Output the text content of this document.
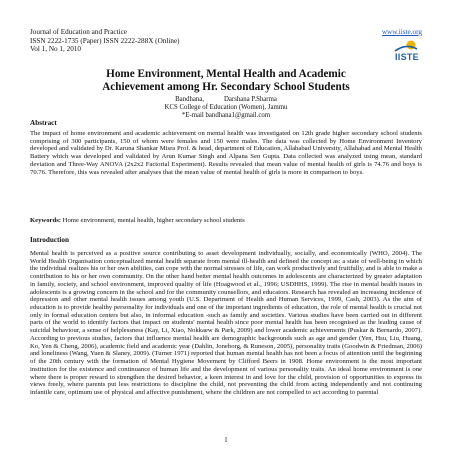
Journal of Education and Practice
ISSN 2222-1735 (Paper) ISSN 2222-288X (Online)
Vol 1, No 1, 2010
www.iiste.org
IISTE
Home Environment, Mental Health and Academic
Achievement among Hr. Secondary School Students
Bandhana,	Darshana P.Sharma
KCS College of Education (Women), Jammu
*E-mail bandhana1@gmail.com
Abstract

The impact of home environment and academic achievement on mental health was investigated on 12th grade higher secondary school students comprising of 300 participants, 150 of whom were females and 150 were males. The data was collected by Home Environment Inventory developed and validated by Dr. Karuna Shankar Misra Prof. & head, department of Education, Allahabad University, Allahabad and Mental Health Battery which was developed and validated by Arun Kumar Singh and Alpana Sen Gupta. Data collected was analyzed using mean, standard deviation and Three-Way ANOVA (2x2x2 Factorial Experiment). Results revealed that mean value of mental health of girls is 74.76 and boys is 70.76. Therefore, this was revealed after analyses that the mean value of mental health of girls is more in comparison to boys.

Keywords: Home environment, mental health, higher secondary school students
Introduction

Mental health is perceived as a positive source contributing to asset development individually, socially, and economically (WHO, 2004). The World Health Organisation conceptualized mental health separate from mental ill-health and defined the concept as: a state of well-being in which the individual realizes his or her own abilities, can cope with the normal stresses of life, can work productively and fruitfully, and is able to make a contribution to his or her own community. On the other hand better mental health outcomes in adolescents are characterized by greater adaptation in family, society, and school environment, improved quality of life (Hoagwood et al., 1996; USDHHS, 1999). The rise in mental health issues in adolescents is a growing concern in the school and for the community counsellors, and educators. Research has revealed an increasing incidence of depression and other mental health issues among youth (U.S. Department of Health and Human Services, 1999, Cash, 2003). As the aim of education is to provide healthy personality for individuals and one of the important ingredients of education, the role of mental health is crucial not only in formal education centers but also, in informal education -such as family and societies. Various studies have been carried out in different parts of the world to identify factors that impact on students' mental health since poor mental health has been recognised as the leading cause of suicidal behaviour, a sense of helplessness (Kay, Li, Xiao, Nokkaew & Park, 2009) and lower academic achievements (Puskar & Bernardo, 2007). According to previous studies, factors that influence mental health are demographic backgrounds such as age and gender (Yen, Hsu, Liu, Huang, Ko, Yen & Cheng, 2006), academic field and academic year (Dahlin, Joneborg, & Runeson, 2005), personality traits (Goodwin & Friedman, 2006) and loneliness (Wang, Yuen & Slaney, 2009). (Turner 1971) reported that human mental health has not been a focus of attention until the beginning of the 20th century with the formation of Mental Hygiene Movement by Clifford Beers in 1908. Home environment is the most important institution for the existence and continuance of human life and the development of various personality traits. An ideal home environment is one where there is proper reward to strengthen the desired behavior, a keen interest in and love for the child, provision of opportunities to express its views freely, where parents put less restrictions to discipline the child, not preventing the child from acting independently and not continuing infantile care, optimum use of physical and affective punishment, where the children are not compelled to act according to parental

1
